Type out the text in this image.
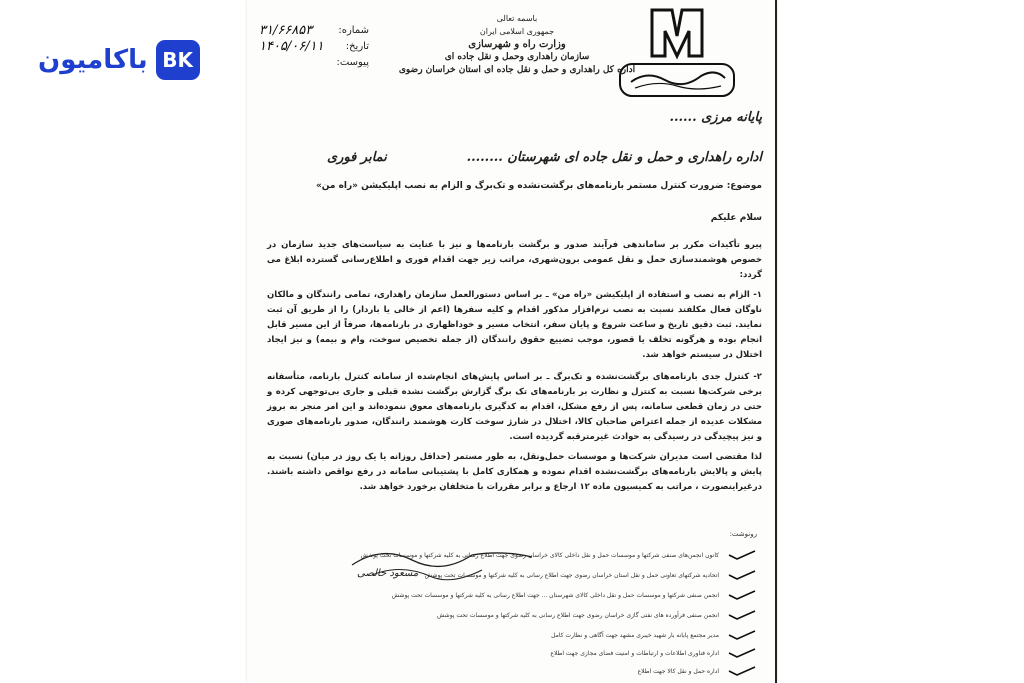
باکامیون BK
باسمه تعالی
جمهوری اسلامی ایران
وزارت راه و شهرسازی
سازمان راهداری وحمل و نقل جاده ای
اداره کل راهداری و حمل و نقل جاده ای استان خراسان رضوی
شماره:
۳۱/۶۶۸۵۳
تاریخ:
۱۴۰۵/۰۶/۱۱
پیوست:
پایانه مرزی ......
اداره راهداری و حمل و نقل جاده ای شهرستان ........
نمابر فوری
موضوع: ضرورت کنترل مستمر بارنامه‌های برگشت‌نشده و تک‌برگ و الزام به نصب اپلیکیشن «راه من»
سلام علیکم
پیرو تأکیدات مکرر بر ساماندهی فرآیند صدور و برگشت بارنامه‌ها و نیز با عنایت به سیاست‌های جدید سازمان در خصوص هوشمندسازی حمل و نقل عمومی برون‌شهری، مراتب زیر جهت اقدام فوری و اطلاع‌رسانی گسترده ابلاغ می گردد:
۱- الزام به نصب و استفاده از اپلیکیشن «راه من» ـ بر اساس دستورالعمل سازمان راهداری، تمامی رانندگان و مالکان ناوگان فعال مکلفند نسبت به نصب نرم‌افزار مذکور اقدام و کلیه سفرها (اعم از خالی یا باردار) را از طریق آن ثبت نمایند. ثبت دقیق تاریخ و ساعت شروع و پایان سفر، انتخاب مسیر و خوداظهاری در بارنامه‌ها، صرفاً از این مسیر قابل انجام بوده و هرگونه تخلف یا قصور، موجب تضییع حقوق رانندگان (از جمله تخصیص سوخت، وام و بیمه) و نیز ایجاد اختلال در سیستم خواهد شد.
۲- کنترل جدی بارنامه‌های برگشت‌نشده و تک‌برگ ـ بر اساس پایش‌های انجام‌شده از سامانه کنترل بارنامه، متأسفانه برخی شرکت‌ها نسبت به کنترل و نظارت بر بارنامه‌های تک برگ گزارش برگشت نشده قبلی و جاری بی‌توجهی کرده و حتی در زمان قطعی سامانه، پس از رفع مشکل، اقدام به کدگیری بارنامه‌های معوق ننموده‌اند و این امر منجر به بروز مشکلات عدیده از جمله اعتراض صاحبان کالا، اختلال در شارژ سوخت کارت هوشمند رانندگان، صدور بارنامه‌های صوری و نیز پیچیدگی در رسیدگی به حوادث غیرمترقبه گردیده است.
لذا مقتضی است مدیران شرکت‌ها و موسسات حمل‌ونقل، به طور مستمر (حداقل روزانه یا یک روز در میان) نسبت به پایش و پالایش بارنامه‌های برگشت‌نشده اقدام نموده و همکاری کامل با پشتیبانی سامانه در رفع نواقص داشته باشند. درغیراینصورت ، مراتب به کمیسیون ماده ۱۲ ارجاع و برابر مقررات با متخلفان برخورد خواهد شد.
مسعود خالصی
رونوشت:
کانون انجمن‌های صنفی شرکتها و موسسات حمل و نقل داخلی کالای خراسان رضوی جهت اطلاع رسانی به کلیه شرکتها و موسسات تحت پوشش
اتحادیه شرکتهای تعاونی حمل و نقل استان خراسان رضوی جهت اطلاع رسانی به کلیه شرکتها و موسسات تحت پوشش
انجمن صنفی شرکتها و موسسات حمل و نقل داخلی کالای شهرستان ... جهت اطلاع رسانی به کلیه شرکتها و موسسات تحت پوشش
انجمن صنفی فرآورده های نفتی گازی خراسان رضوی جهت اطلاع رسانی به کلیه شرکتها و موسسات تحت پوشش
مدیر مجتمع پایانه بار شهید خیبری مشهد جهت آگاهی و نظارت کامل
اداره فناوری اطلاعات و ارتباطات و امنیت فضای مجازی جهت اطلاع
اداره حمل و نقل کالا جهت اطلاع
